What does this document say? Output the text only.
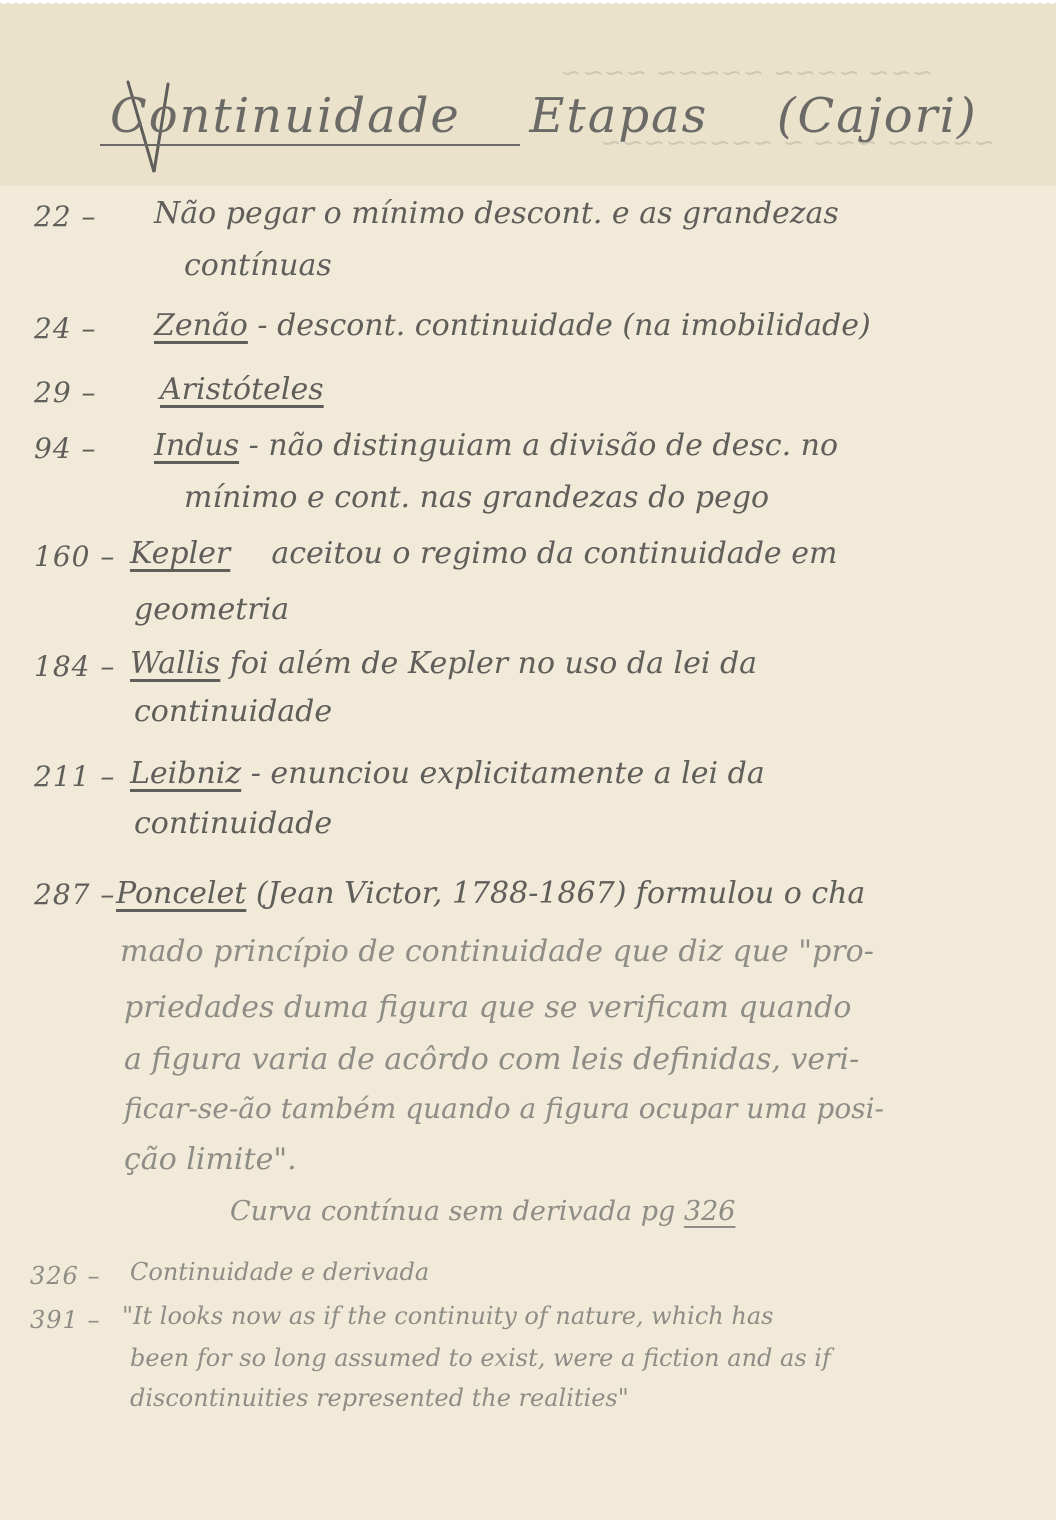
~~~ ~~~~ ~~~~~ ~~~~
~~~~~ ~~~ ~ ~~~~~~~~
Continuidade Etapas (Cajori)
22 – Não pegar o mínimo descont. e as grandezas
contínuas
24 – Zenão - descont. continuidade (na imobilidade)
29 – Aristóteles
94 – Indus - não distinguiam a divisão de desc. no
mínimo e cont. nas grandezas do pego
160 – Kepler aceitou o regimo da continuidade em
geometria
184 – Wallis foi além de Kepler no uso da lei da
continuidade
211 – Leibniz - enunciou explicitamente a lei da
continuidade
287 – Poncelet (Jean Victor, 1788-1867) formulou o cha
mado princípio de continuidade que diz que "pro-
priedades duma figura que se verificam quando
a figura varia de acôrdo com leis definidas, veri-
ficar-se-ão também quando a figura ocupar uma posi-
ção limite".
Curva contínua sem derivada pg 326
326 – Continuidade e derivada
391 – "It looks now as if the continuity of nature, which has
been for so long assumed to exist, were a fiction and as if
discontinuities represented the realities"
